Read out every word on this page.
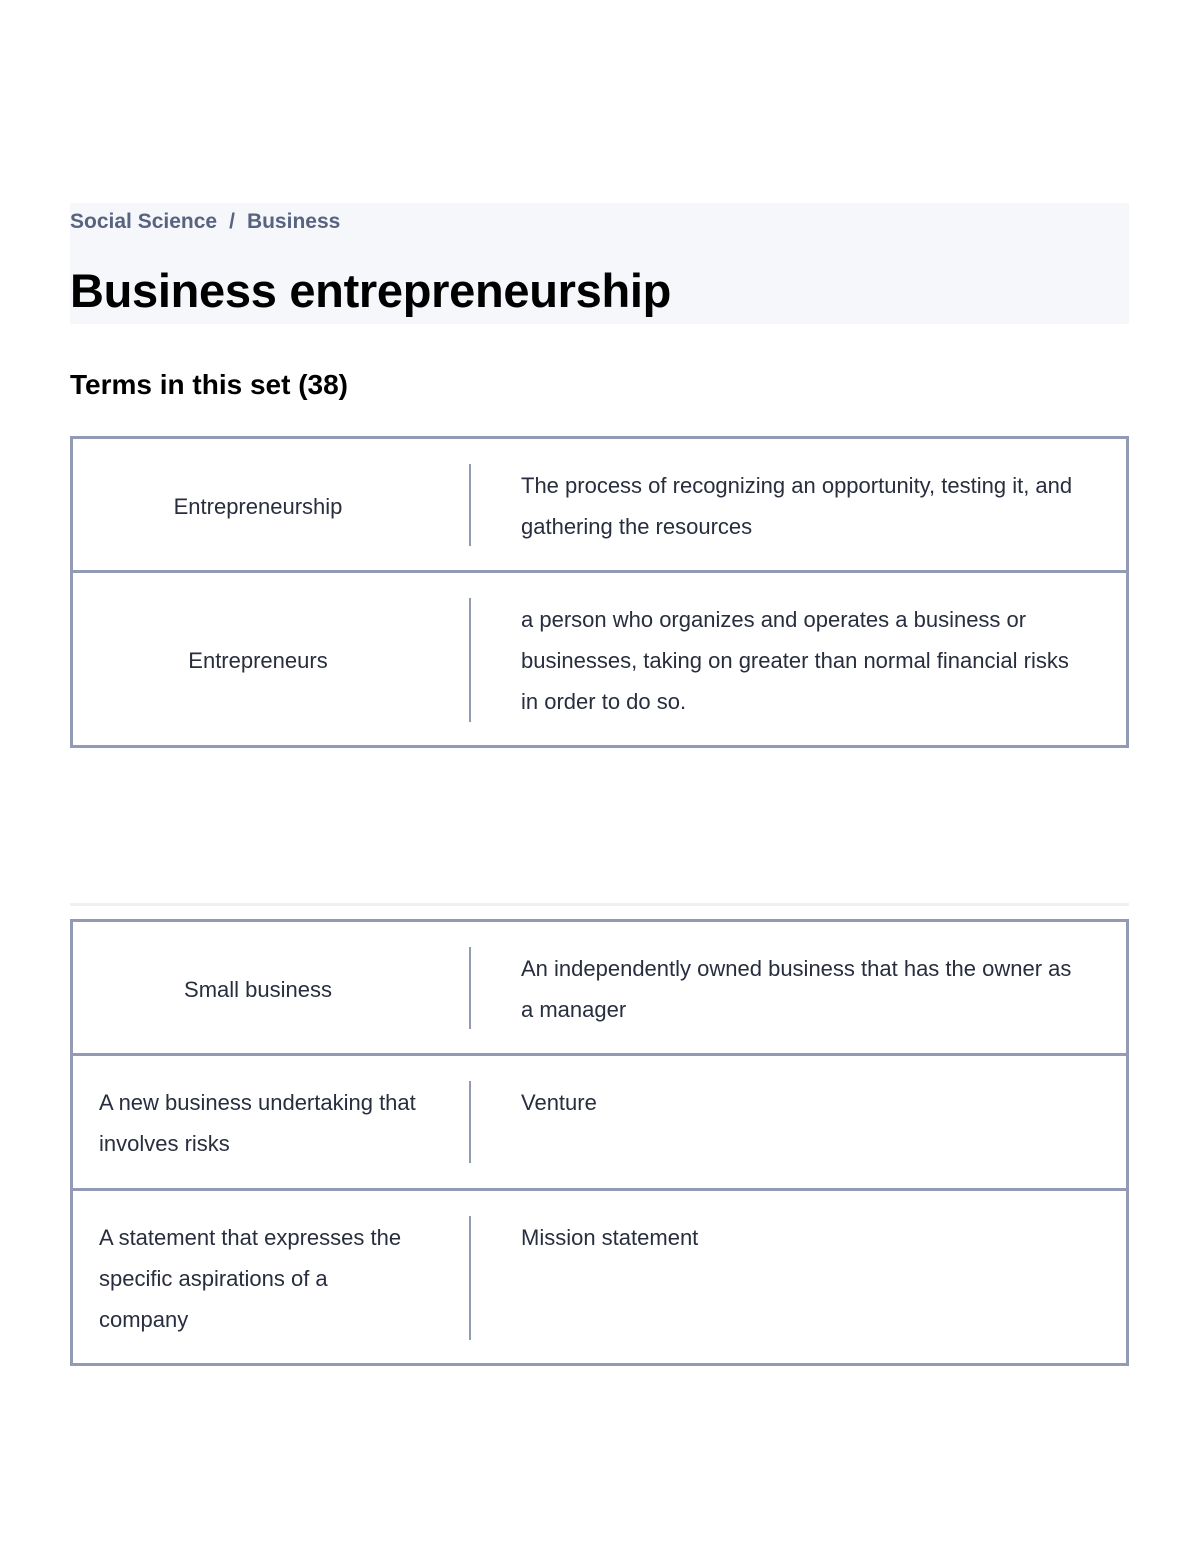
Social Science / Business
Business entrepreneurship
Terms in this set (38)
Entrepreneurship
The process of recognizing an opportunity, testing it, and gathering the resources
Entrepreneurs
a person who organizes and operates a business or businesses, taking on greater than normal financial risks in order to do so.
Small business
An independently owned business that has the owner as a manager
A new business undertaking that involves risks
Venture
A statement that expresses the specific aspirations of a company
Mission statement
